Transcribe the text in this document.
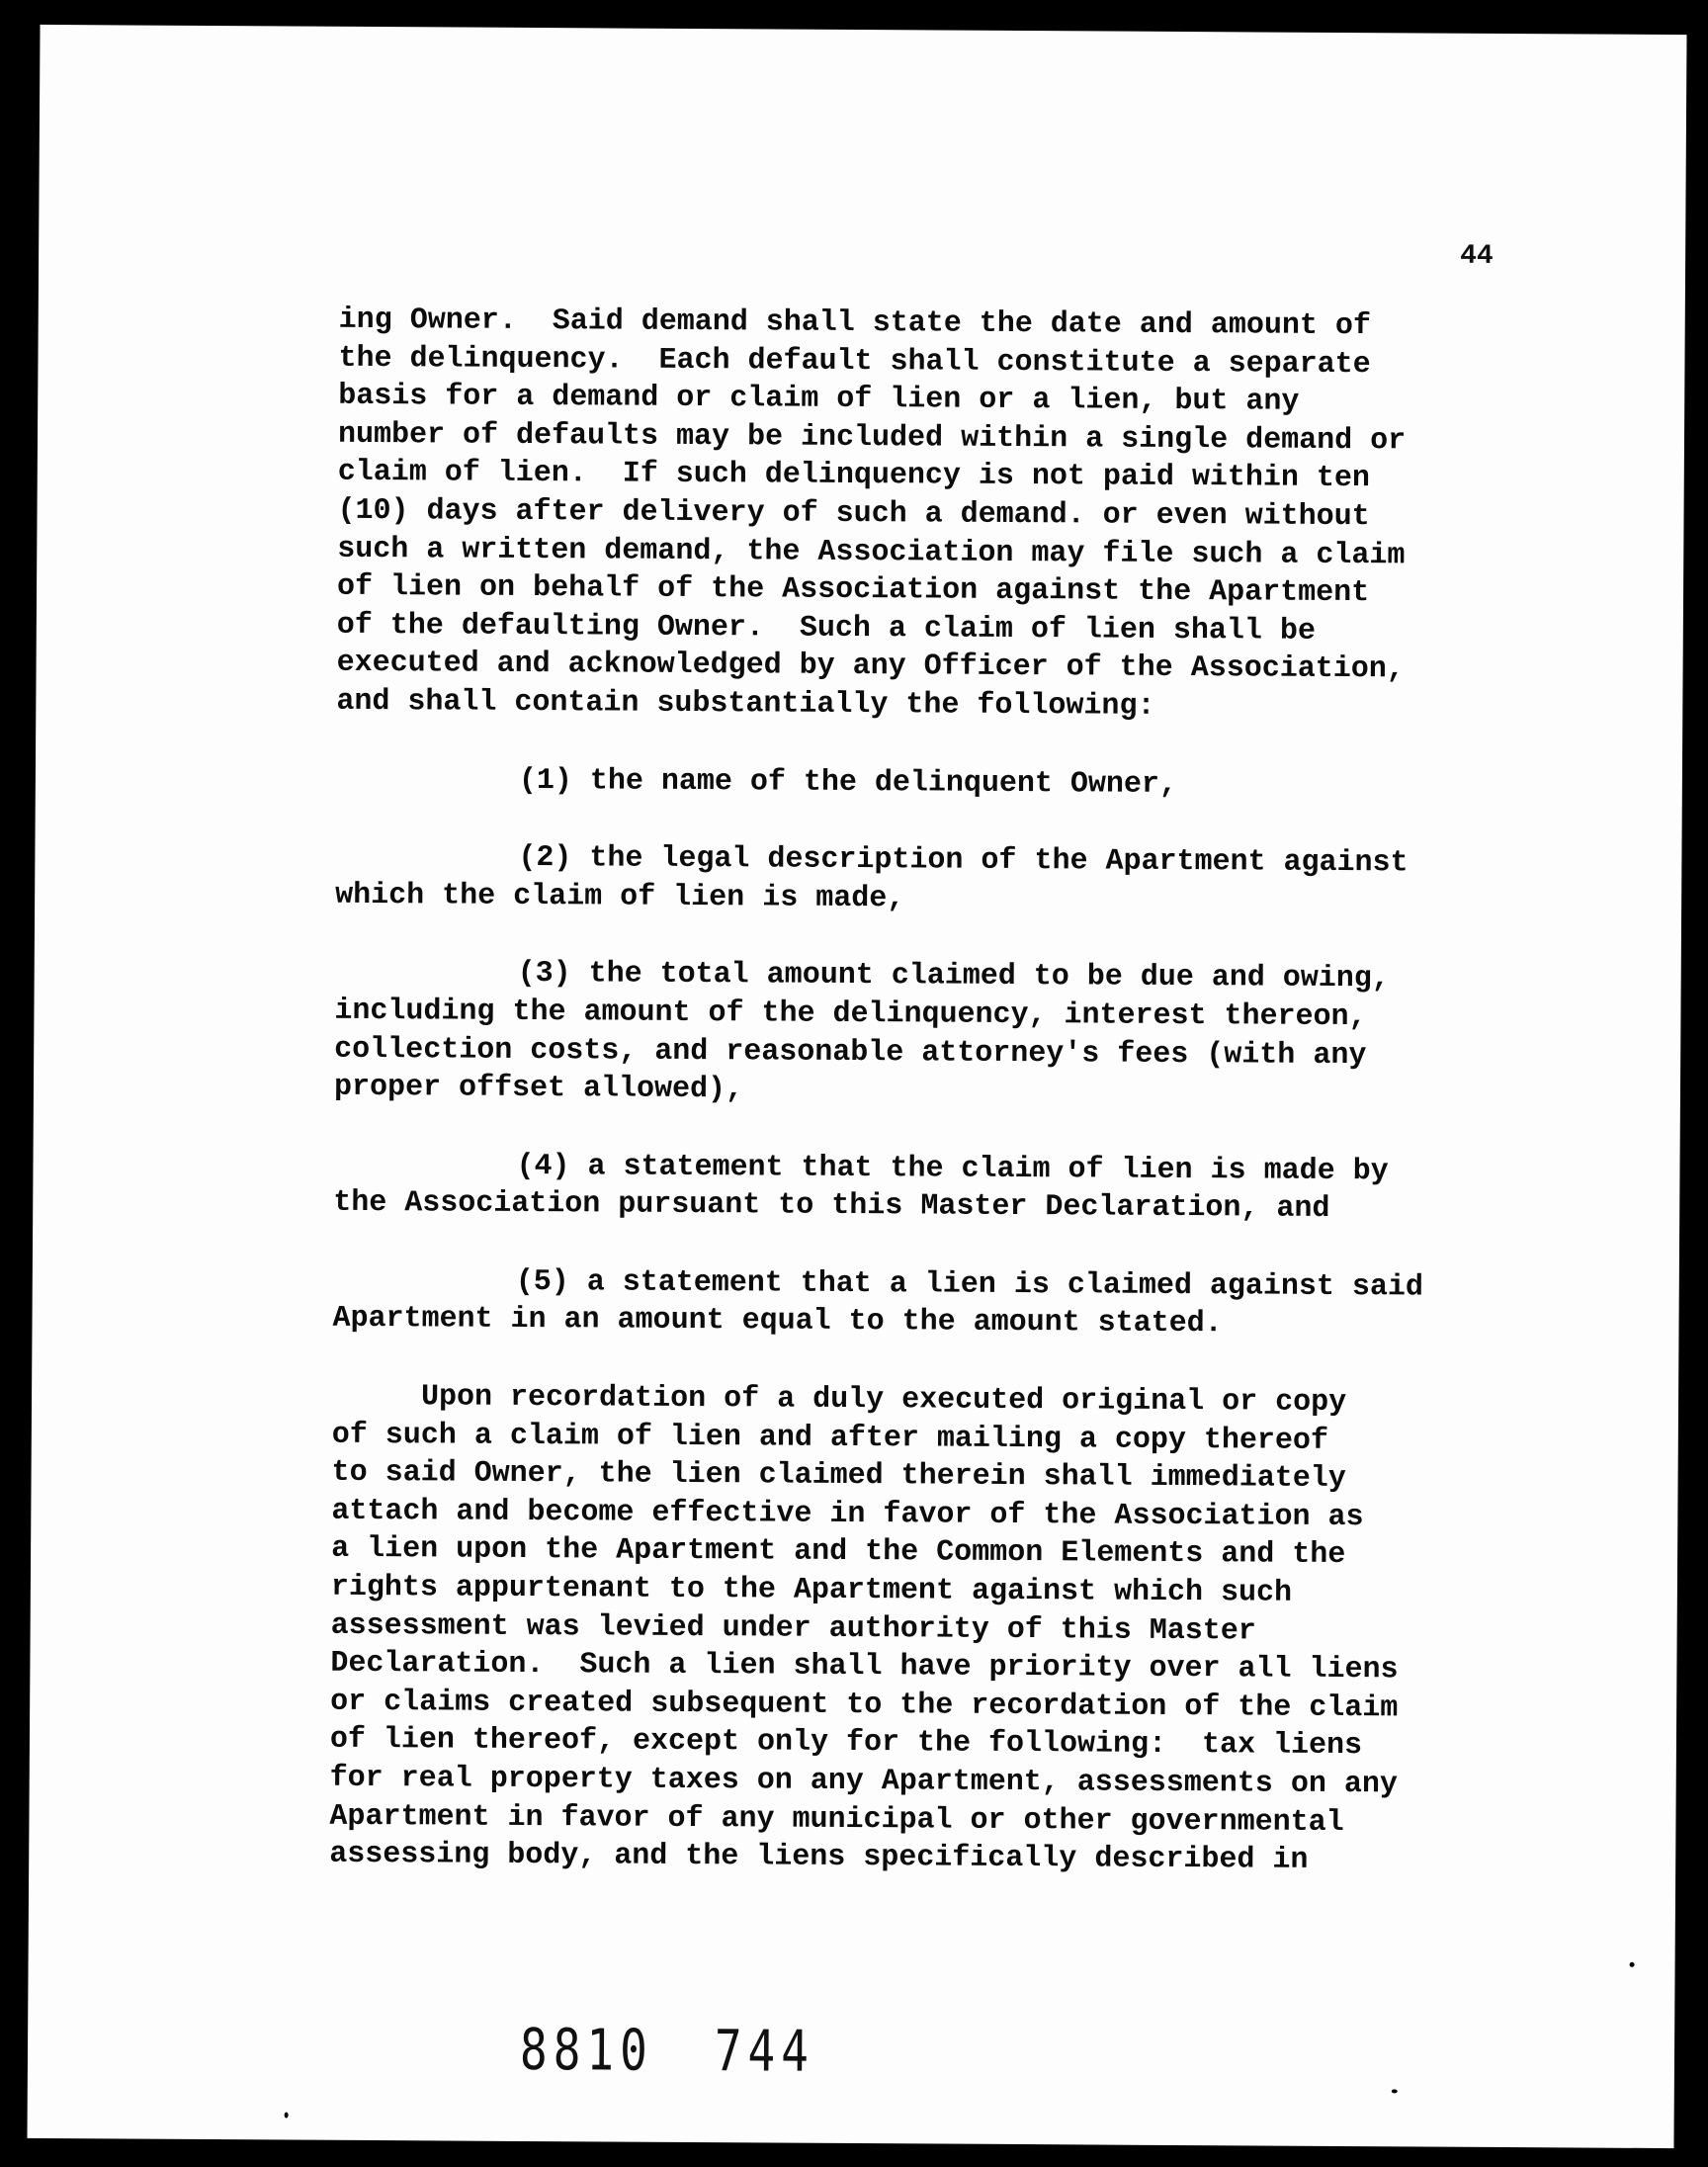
44
ing Owner.  Said demand shall state the date and amount of
the delinquency.  Each default shall constitute a separate
basis for a demand or claim of lien or a lien, but any
number of defaults may be included within a single demand or
claim of lien.  If such delinquency is not paid within ten
(10) days after delivery of such a demand. or even without
such a written demand, the Association may file such a claim
of lien on behalf of the Association against the Apartment
of the defaulting Owner.  Such a claim of lien shall be
executed and acknowledged by any Officer of the Association,
and shall contain substantially the following:
(1) the name of the delinquent Owner,
(2) the legal description of the Apartment against
which the claim of lien is made,
(3) the total amount claimed to be due and owing,
including the amount of the delinquency, interest thereon,
collection costs, and reasonable attorney's fees (with any
proper offset allowed),
(4) a statement that the claim of lien is made by
the Association pursuant to this Master Declaration, and
(5) a statement that a lien is claimed against said
Apartment in an amount equal to the amount stated.
Upon recordation of a duly executed original or copy
of such a claim of lien and after mailing a copy thereof
to said Owner, the lien claimed therein shall immediately
attach and become effective in favor of the Association as
a lien upon the Apartment and the Common Elements and the
rights appurtenant to the Apartment against which such
assessment was levied under authority of this Master
Declaration.  Such a lien shall have priority over all liens
or claims created subsequent to the recordation of the claim
of lien thereof, except only for the following:  tax liens
for real property taxes on any Apartment, assessments on any
Apartment in favor of any municipal or other governmental
assessing body, and the liens specifically described in
8810 744
